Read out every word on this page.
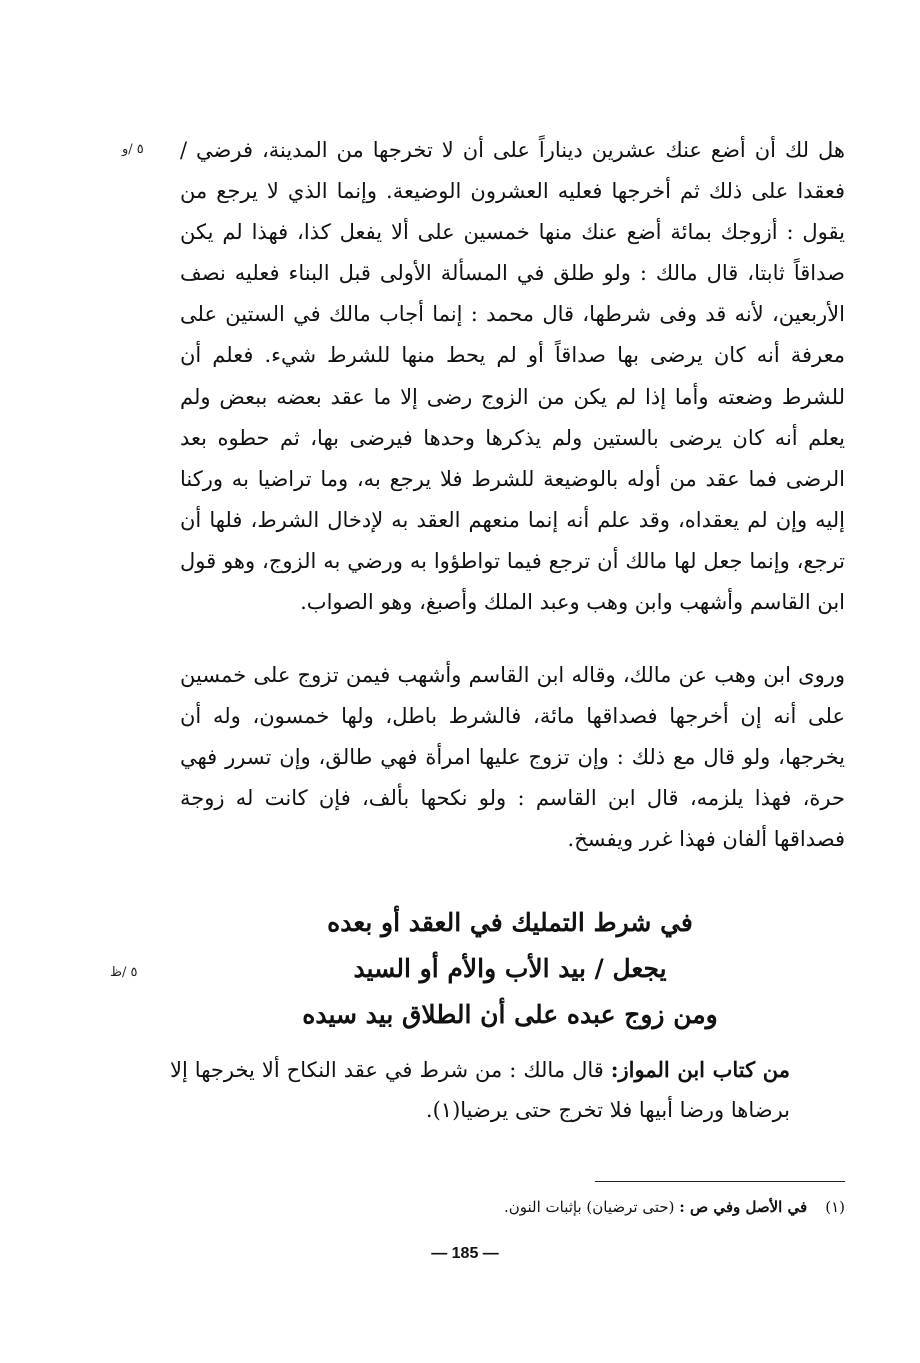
٥ /و
٥ /ظ

هل لك أن أضع عنك عشرين ديناراً على أن لا تخرجها من المدينة، فرضي / فعقدا على ذلك ثم أخرجها فعليه العشرون الوضيعة. وإنما الذي لا يرجع من يقول : أزوجك بمائة أضع عنك منها خمسين على ألا يفعل كذا، فهذا لم يكن صداقاً ثابتا، قال مالك : ولو طلق في المسألة الأولى قبل البناء فعليه نصف الأربعين، لأنه قد وفى شرطها، قال محمد : إنما أجاب مالك في الستين على معرفة أنه كان يرضى بها صداقاً أو لم يحط منها للشرط شيء. فعلم أن للشرط وضعته وأما إذا لم يكن من الزوج رضى إلا ما عقد بعضه ببعض ولم يعلم أنه كان يرضى بالستين ولم يذكرها وحدها فيرضى بها، ثم حطوه بعد الرضى فما عقد من أوله بالوضيعة للشرط فلا يرجع به، وما تراضيا به وركنا إليه وإن لم يعقداه، وقد علم أنه إنما منعهم العقد به لإدخال الشرط، فلها أن ترجع، وإنما جعل لها مالك أن ترجع فيما تواطؤوا به ورضي به الزوج، وهو قول ابن القاسم وأشهب وابن وهب وعبد الملك وأصبغ، وهو الصواب.

وروى ابن وهب عن مالك، وقاله ابن القاسم وأشهب فيمن تزوج على خمسين على أنه إن أخرجها فصداقها مائة، فالشرط باطل، ولها خمسون، وله أن يخرجها، ولو قال مع ذلك : وإن تزوج عليها امرأة فهي طالق، وإن تسرر فهي حرة، فهذا يلزمه، قال ابن القاسم : ولو نكحها بألف، فإن كانت له زوجة فصداقها ألفان فهذا غرر ويفسخ.

في شرط التمليك في العقد أو بعده

يجعل / بيد الأب والأم أو السيد

ومن زوج عبده على أن الطلاق بيد سيده

من كتاب ابن المواز: قال مالك : من شرط في عقد النكاح ألا يخرجها إلا برضاها ورضا أبيها فلا تخرج حتى يرضيا(١).

(١)في الأصل وفي ص : (حتى ترضيان) بإثبات النون.
— 185 —
